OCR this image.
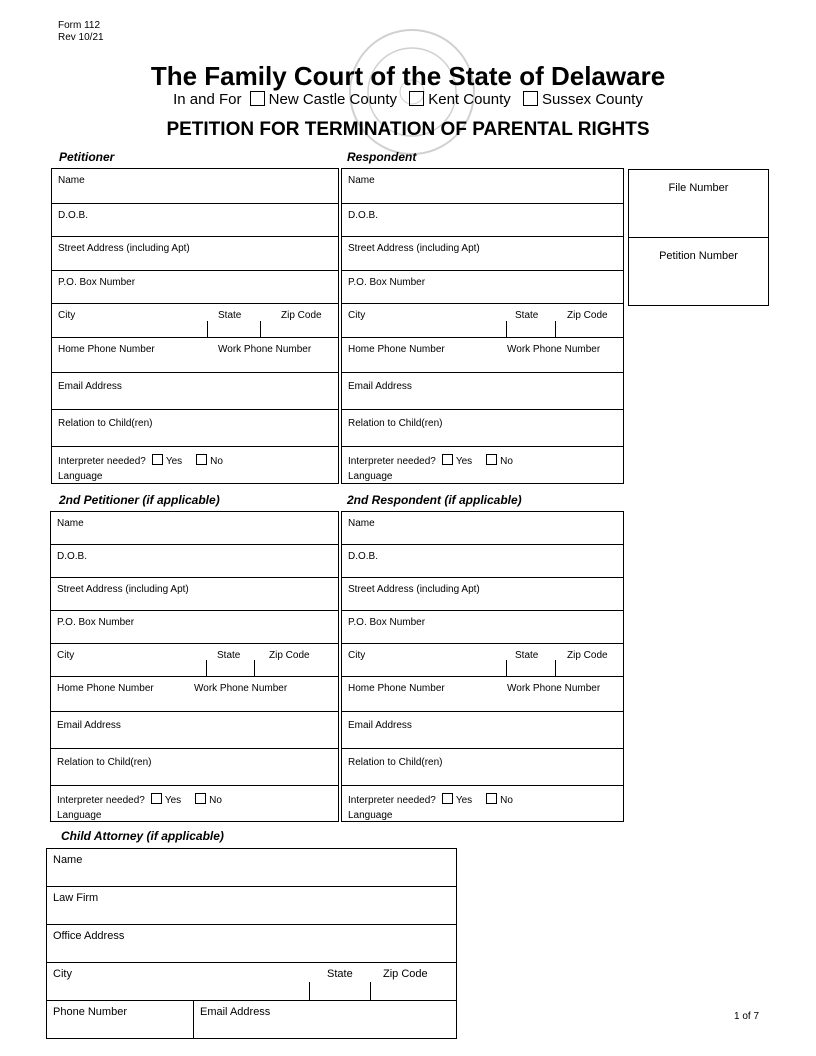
Form 112
Rev 10/21
The Family Court of the State of Delaware
In and For New Castle County Kent County Sussex County
PETITION FOR TERMINATION OF PARENTAL RIGHTS
Petitioner
Name

D.O.B.

Street Address (including Apt)

P.O. Box Number

City	State	Zip Code

Home Phone Number	Work Phone Number

Email Address

Relation to Child(ren)

Interpreter needed? Yes	No
Language
Respondent
Name

D.O.B.

Street Address (including Apt)

P.O. Box Number

City	State	Zip Code

Home Phone Number	Work Phone Number

Email Address

Relation to Child(ren)

Interpreter needed? Yes	No
Language
File Number
Petition Number
2nd Petitioner (if applicable)
Name

D.O.B.

Street Address (including Apt)

P.O. Box Number

City	State	Zip Code

Home Phone Number	Work Phone Number

Email Address

Relation to Child(ren)

Interpreter needed? Yes	No
Language
2nd Respondent (if applicable)
Name

D.O.B.

Street Address (including Apt)

P.O. Box Number

City	State	Zip Code

Home Phone Number	Work Phone Number

Email Address

Relation to Child(ren)

Interpreter needed? Yes	No
Language
Child Attorney (if applicable)
Name

Law Firm

Office Address

City	State	Zip Code

Phone Number	Email Address	1 of 7
